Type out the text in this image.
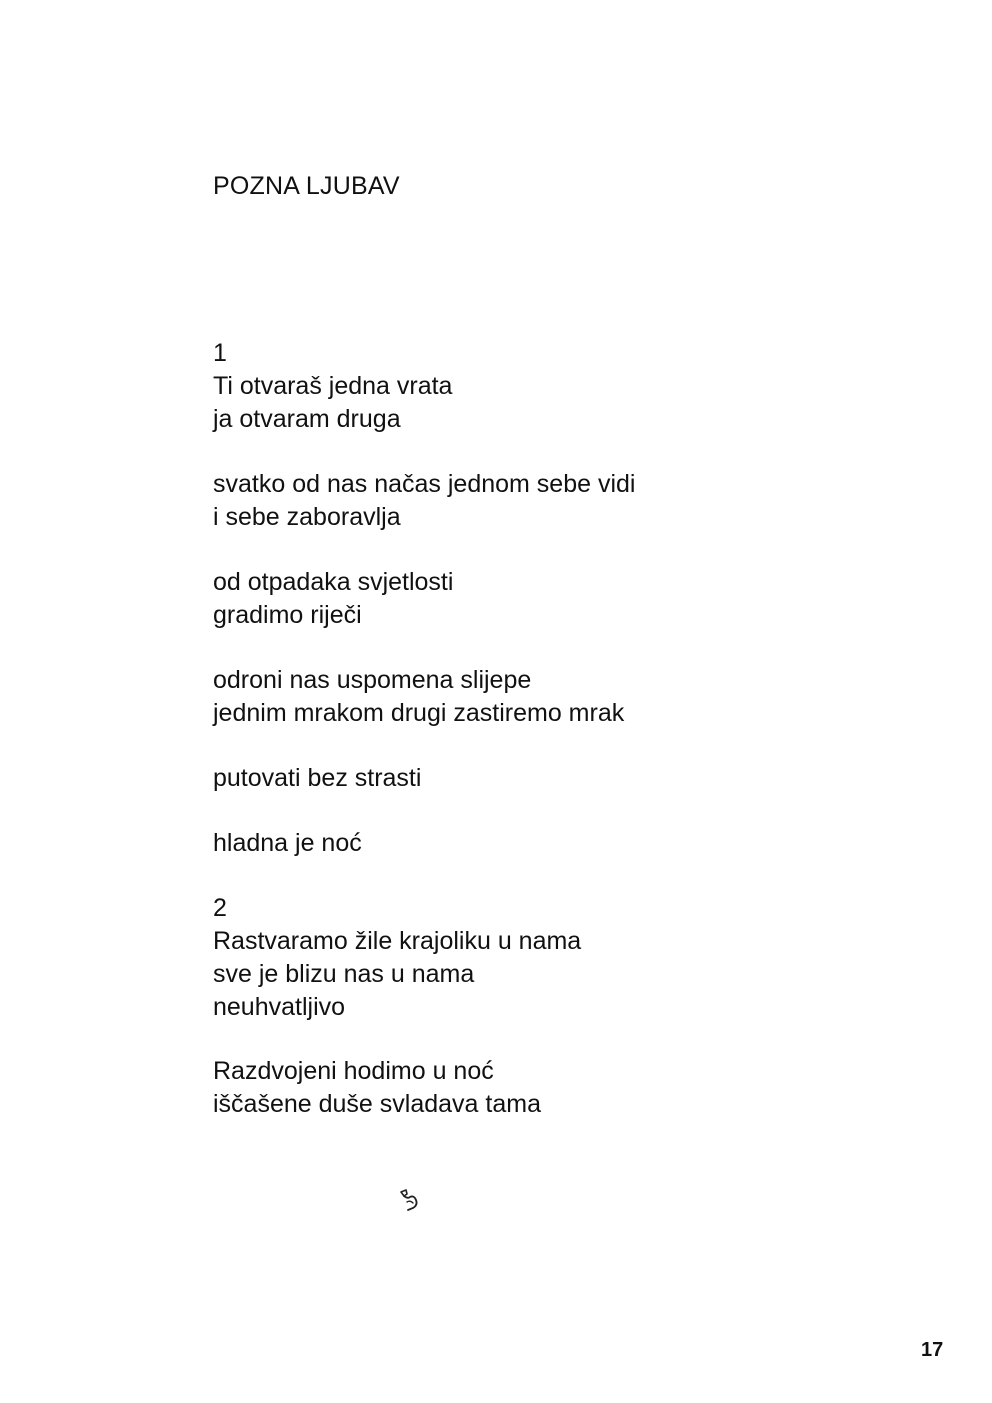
POZNA LJUBAV
1
Ti otvaraš jedna vrata
ja otvaram druga
svatko od nas načas jednom sebe vidi
i sebe zaboravlja
od otpadaka svjetlosti
gradimo riječi
odroni nas uspomena slijepe
jednim mrakom drugi zastiremo mrak
putovati bez strasti
hladna je noć
2
Rastvaramo žile krajoliku u nama
sve je blizu nas u nama
neuhvatljivo
Razdvojeni hodimo u noć
iščašene duše svladava tama
17
